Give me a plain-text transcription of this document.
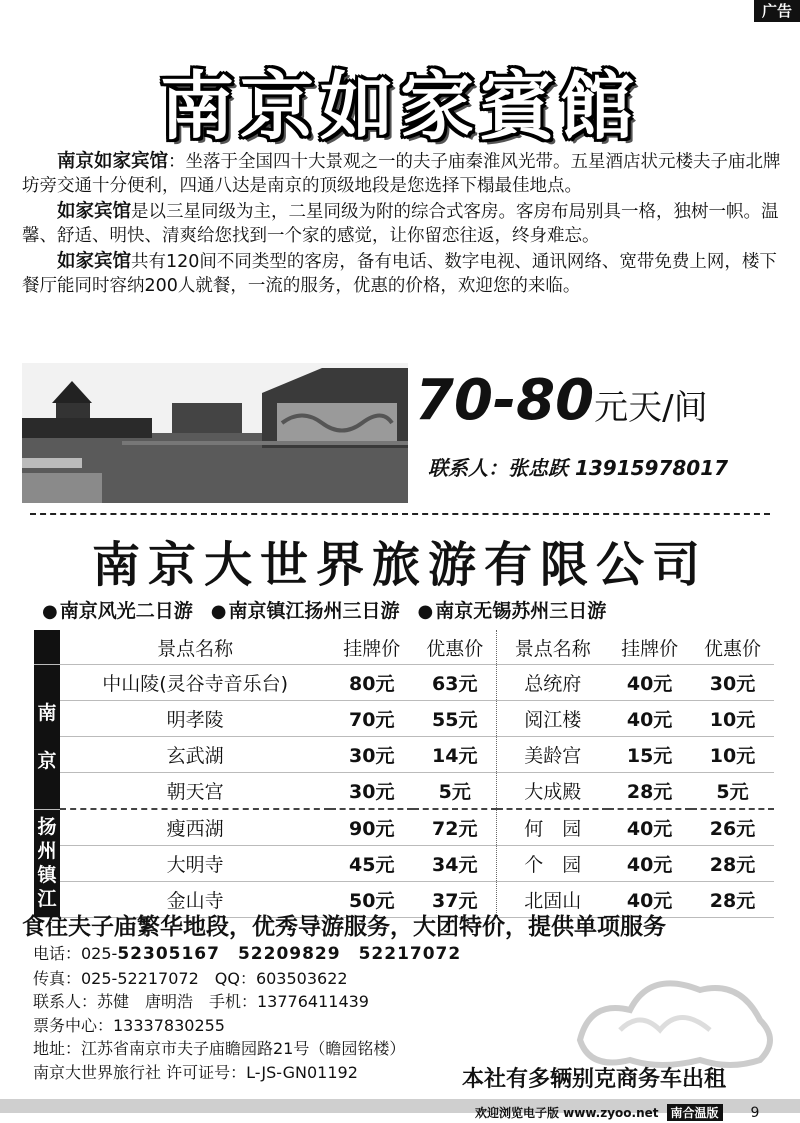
广告
南京如家賓館

南京如家宾馆：坐落于全国四十大景观之一的夫子庙秦淮风光带。五星酒店状元楼夫子庙北牌坊旁交通十分便利，四通八达是南京的顶级地段是您选择下榻最佳地点。

如家宾馆是以三星同级为主，二星同级为附的综合式客房。客房布局别具一格，独树一帜。温馨、舒适、明快、清爽给您找到一个家的感觉，让你留恋往返，终身难忘。

如家宾馆共有120间不同类型的客房，备有电话、数字电视、通讯网络、宽带免费上网，楼下餐厅能同时容纳200人就餐，一流的服务，优惠的价格，欢迎您的来临。

70-80元天/间
联系人：张忠跃 13915978017
南京大世界旅游有限公司
● 南京风光二日游 ● 南京镇江扬州三日游 ● 南京无锡苏州三日游
	景点名称	挂牌价	优惠价	景点名称	挂牌价	优惠价
南

京	中山陵(灵谷寺音乐台)	80元	63元	总统府	40元	30元
	明孝陵	70元	55元	阅江楼	40元	10元
	玄武湖	30元	14元	美龄宫	15元	10元
	朝天宫	30元	5元	大成殿	28元	5元
扬
州
镇
江	瘦西湖	90元	72元	何　园	40元	26元
	大明寺	45元	34元	个　园	40元	28元
	金山寺	50元	37元	北固山	40元	28元
食住夫子庙繁华地段，优秀导游服务，大团特价，提供单项服务
电话：025-52305167　52209829　52217072
传真：025-52217072　QQ：603503622
联系人：苏健　唐明浩　手机：13776411439
票务中心：13337830255
地址：江苏省南京市夫子庙瞻园路21号（瞻园铭楼）
南京大世界旅行社 许可证号：L-JS-GN01192	本社有多辆别克商务车出租
欢迎浏览电子版 www.zyoo.net	南合温版 9
